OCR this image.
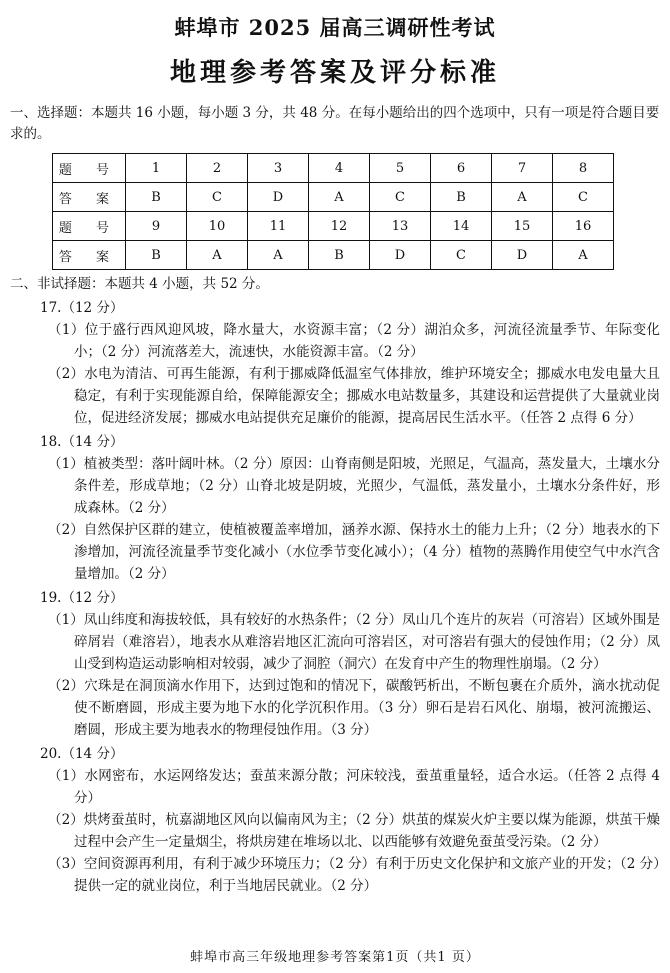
蚌埠市 2025 届高三调研性考试
地理参考答案及评分标准
一、选择题：本题共 16 小题，每小题 3 分，共 48 分。在每小题给出的四个选项中，只有一项是符合题目要求的。
题 号	1	2	3	4	5	6	7	8
答 案	B	C	D	A	C	B	A	C
题 号	9	10	11	12	13	14	15	16
答 案	B	A	A	B	D	C	D	A
二、非试择题：本题共 4 小题，共 52 分。
17.（12 分）
（1）位于盛行西风迎风坡，降水量大，水资源丰富；（2 分）湖泊众多，河流径流量季节、年际变化小；（2 分）河流落差大，流速快，水能资源丰富。（2 分）
（2）水电为清洁、可再生能源，有利于挪威降低温室气体排放，维护环境安全；挪威水电发电量大且稳定，有利于实现能源自给，保障能源安全；挪威水电站数量多，其建设和运营提供了大量就业岗位，促进经济发展；挪威水电站提供充足廉价的能源，提高居民生活水平。（任答 2 点得 6 分）
18.（14 分）
（1）植被类型：落叶阔叶林。（2 分）原因：山脊南侧是阳坡，光照足，气温高，蒸发量大，土壤水分条件差，形成草地；（2 分）山脊北坡是阴坡，光照少，气温低，蒸发量小，土壤水分条件好，形成森林。（2 分）
（2）自然保护区群的建立，使植被覆盖率增加，涵养水源、保持水土的能力上升；（2 分）地表水的下渗增加，河流径流量季节变化减小（水位季节变化减小）；（4 分）植物的蒸腾作用使空气中水汽含量增加。（2 分）
19.（12 分）
（1）凤山纬度和海拔较低，具有较好的水热条件；（2 分）凤山几个连片的灰岩（可溶岩）区域外围是碎屑岩（难溶岩），地表水从难溶岩地区汇流向可溶岩区，对可溶岩有强大的侵蚀作用；（2 分）凤山受到构造运动影响相对较弱，减少了洞腔（洞穴）在发育中产生的物理性崩塌。（2 分）
（2）穴珠是在洞顶滴水作用下，达到过饱和的情况下，碳酸钙析出，不断包裹在介质外，滴水扰动促使不断磨圆，形成主要为地下水的化学沉积作用。（3 分）卵石是岩石风化、崩塌，被河流搬运、磨圆，形成主要为地表水的物理侵蚀作用。（3 分）
20.（14 分）
（1）水网密布，水运网络发达；蚕茧来源分散；河床较浅，蚕茧重量轻，适合水运。（任答 2 点得 4 分）
（2）烘烤蚕茧时，杭嘉湖地区风向以偏南风为主；（2 分）烘茧的煤炭火炉主要以煤为能源，烘茧干燥过程中会产生一定量烟尘，将烘房建在堆场以北、以西能够有效避免蚕茧受污染。（2 分）
（3）空间资源再利用，有利于减少环境压力；（2 分）有利于历史文化保护和文旅产业的开发；（2 分）提供一定的就业岗位，利于当地居民就业。（2 分）
蚌埠市高三年级地理参考答案第1页（共1 页）
